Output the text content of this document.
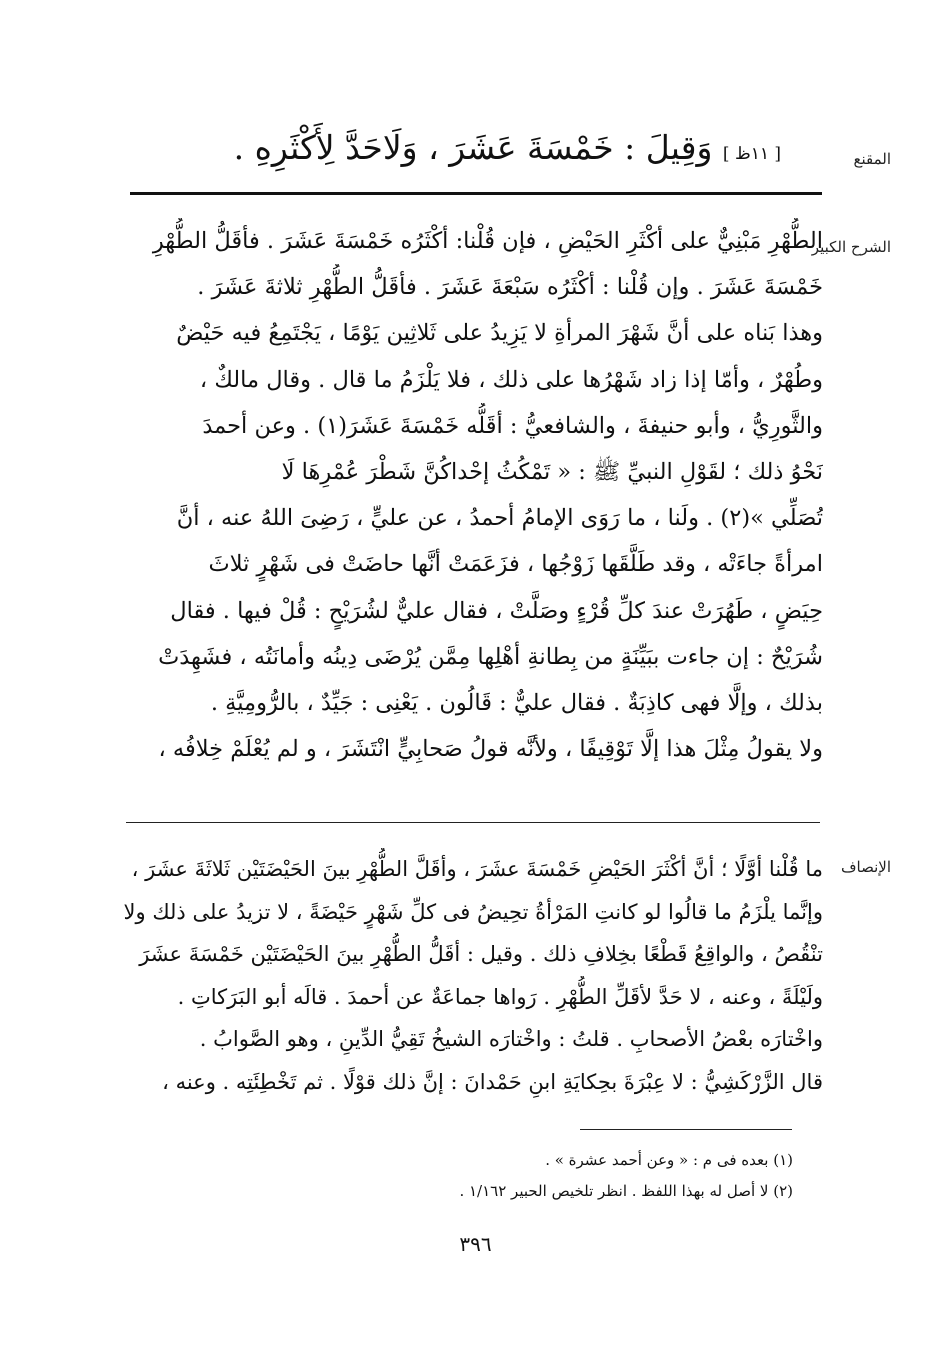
المقنع
[ ١١ظ ] وَقِيلَ : خَمْسَةَ عَشَرَ ، وَلَاحَدَّ لِأَكْثَرِهِ .
الشرح الكبير
الطُّهْرِ مَبْنِيٌّ على أكْثَرِ الحَيْضِ ، فإن قُلْنا: أكْثَرُه خَمْسَةَ عَشَرَ . فأقَلُّ الطُّهْرِ
خَمْسَةَ عَشَرَ . وإن قُلْنا : أكْثَرُه سَبْعَةَ عَشَرَ . فأقَلُّ الطُّهْرِ ثلاثةَ عَشَرَ .
وهذا بَناه على أنَّ شَهْرَ المرأةِ لا يَزِيدُ على ثَلاثِين يَوْمًا ، يَجْتَمِعُ فيه حَيْضٌ
وطُهْرٌ ، وأمّا إذا زاد شَهْرُها على ذلك ، فلا يَلْزَمُ ما قال . وقال مالكٌ ،
والثَّورِيُّ ، وأبو حنيفةَ ، والشافعيُّ : أقَلُّه خَمْسَةَ عَشَرَ(١) . وعن أحمدَ
نَحْوُ ذلك ؛ لقَوْلِ النبيِّ ﷺ : « تَمْكُثُ إحْداكُنَّ شَطْرَ عُمْرِهَا لَا
تُصَلِّي »(٢) . ولَنا ، ما رَوَى الإمامُ أحمدُ ، عن عليٍّ ، رَضِىَ اللهُ عنه ، أنَّ
امرأةً جاءَتْه ، وقد طَلَّقَها زَوْجُها ، فزَعَمَتْ أنَّها حاضَتْ فى شَهْرٍ ثلاثَ
حِيَضٍ ، طَهُرَتْ عندَ كلِّ قُرْءٍ وصَلَّتْ ، فقال عليٌّ لشُرَيْحٍ : قُلْ فيها . فقال
شُرَيْحٌ : إن جاءت ببَيِّنَةٍ من بِطانةِ أهْلِها مِمَّن يُرْضَى دِينُه وأمانَتُه ، فشَهِدَتْ
بذلك ، وإلَّا فهى كاذِبَةٌ . فقال عليٌّ : قَالُون . يَعْنِى : جَيِّدٌ ، بالرُّومِيَّةِ .
ولا يقولُ مِثْلَ هذا إلَّا تَوْقِيفًا ، ولأنَّه قولُ صَحابِيٍّ انْتَشَرَ ، و لم يُعْلَمْ خِلافُه ،
الإنصاف
ما قُلْنا أوَّلًا ؛ أنَّ أكْثَرَ الحَيْضِ خَمْسَةَ عشَرَ ، وأقَلَّ الطُّهْرِ بينَ الحَيْضَتَيْن ثَلاثَةَ عشَرَ ،
وإنَّما يلْزَمُ ما قالُوا لو كانتِ المَرْأةُ تحِيضُ فى كلِّ شَهْرٍ حَيْضَةً ، لا تزيدُ على ذلك ولا
تنْقُصُ ، والواقِعُ قَطْعًا بخِلافِ ذلك . وقيل : أقَلُّ الطُّهْرِ بينَ الحَيْضَتَيْن خَمْسَةَ عشَرَ
ولَيْلَةً ، وعنه ، لا حَدَّ لأقَلِّ الطُّهْرِ . رَواها جماعَةٌ عن أحمدَ . قالَه أبو البَرَكاتِ .
واخْتارَه بعْضُ الأصحابِ . قلتُ : واخْتارَه الشيخُ تَقِيُّ الدِّينِ ، وهو الصَّوابُ .
قال الزَّرْكَشِيُّ : لا عِبْرَةَ بحِكايَةِ ابنِ حَمْدانَ : إنَّ ذلك قوْلًا . ثم تَخْطِئَتِه . وعنه ،
(١) بعده فى م : « وعن أحمد عشرة » .
(٢) لا أصل له بهذا اللفظ . انظر تلخيص الحبير ١/١٦٢ .
٣٩٦
